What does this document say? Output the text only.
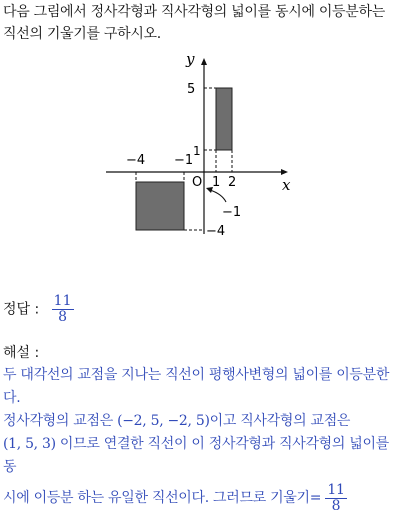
다음 그림에서 정사각형과 직사각형의 넓이를 동시에 이등분하는
직선의 기울기를 구하시오.
y
x
5
1
−4 −1
O 1 2
−1
−4
정답 : $\frac{11}{8}$
해설 :
두 대각선의 교점을 지나는 직선이 평행사변형의 넓이를 이등분한다.
정사각형의 교점은 (−2, 5, −2, 5)이고 직사각형의 교점은
(1, 5, 3) 이므로 연결한 직선이 이 정사각형과 직사각형의 넓이를 동
시에 이등분 하는 유일한 직선이다. 그러므로 기울기= $\frac{11}{8}$
